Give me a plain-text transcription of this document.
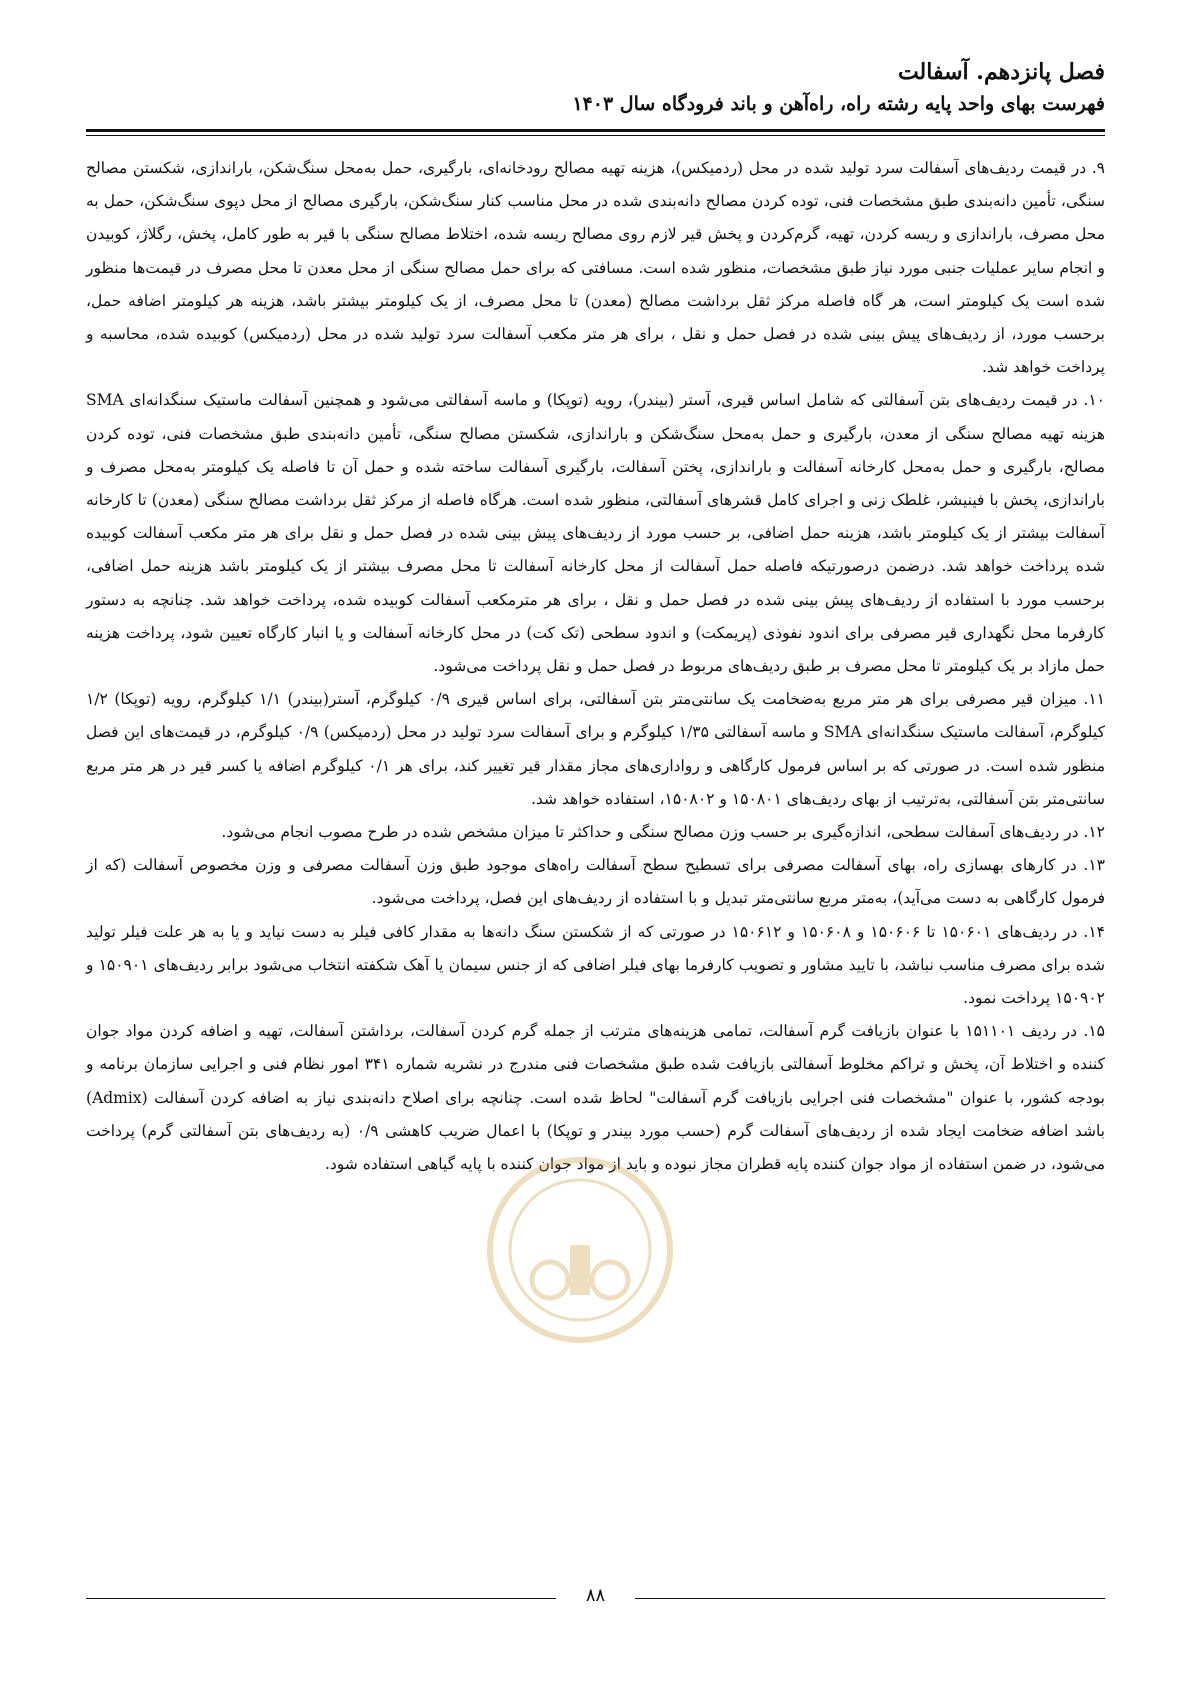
فصل پانزدهم. آسفالت
فهرست بهای واحد پایه رشته راه، راه‌آهن و باند فرودگاه سال ۱۴۰۳

۹. در قیمت ردیف‌های آسفالت سرد تولید شده در محل (ردمیکس)، هزینه تهیه مصالح رودخانه‌ای، بارگیری، حمل به‌محل سنگ‌شکن، باراندازی، شکستن مصالح سنگی، تأمین دانه‌بندی طبق مشخصات فنی، توده کردن مصالح دانه‌بندی شده در محل مناسب کنار سنگ‌شکن، بارگیری مصالح از محل دپوی سنگ‌شکن، حمل به محل مصرف، باراندازی و ریسه کردن، تهیه، گرم‌کردن و پخش قیر لازم روی مصالح ریسه شده، اختلاط مصالح سنگی با قیر به طور کامل، پخش، رگلاژ، کوبیدن و انجام سایر عملیات جنبی مورد نیاز طبق مشخصات، منظور شده است. مسافتی که برای حمل مصالح سنگی از محل معدن تا محل مصرف در قیمت‌ها منظور شده است یک کیلومتر است، هر گاه فاصله مرکز ثقل برداشت مصالح (معدن) تا محل مصرف، از یک کیلومتر بیشتر باشد، هزینه هر کیلومتر اضافه حمل، برحسب مورد، از ردیف‌های پیش بینی شده در فصل حمل و نقل ، برای هر متر مکعب آسفالت سرد تولید شده در محل (ردمیکس) کوبیده شده، محاسبه و پرداخت خواهد شد.

۱۰. در قیمت ردیف‌های بتن آسفالتی که شامل اساس قیری، آستر (بیندر)، رویه (توپکا) و ماسه آسفالتی می‌شود و همچنین آسفالت ماستیک سنگدانه‌ای SMA هزینه تهیه مصالح سنگی از معدن، بارگیری و حمل به‌محل سنگ‌شکن و باراندازی، شکستن مصالح سنگی، تأمین دانه‌بندی طبق مشخصات فنی، توده کردن مصالح، بارگیری و حمل به‌محل کارخانه آسفالت و باراندازی، پختن آسفالت، بارگیری آسفالت ساخته شده و حمل آن تا فاصله یک کیلومتر به‌محل مصرف و باراندازی، پخش با فینیشر، غلطک زنی و اجرای کامل قشرهای آسفالتی، منظور شده است. هرگاه فاصله از مرکز ثقل برداشت مصالح سنگی (معدن) تا کارخانه آسفالت بیشتر از یک کیلومتر باشد، هزینه حمل اضافی، بر حسب مورد از ردیف‌های پیش بینی شده در فصل حمل و نقل برای هر متر مکعب آسفالت کوبیده شده پرداخت خواهد شد. درضمن درصورتیکه فاصله حمل آسفالت از محل کارخانه آسفالت تا محل مصرف بیشتر از یک کیلومتر باشد هزینه حمل اضافی، برحسب مورد با استفاده از ردیف‌های پیش بینی شده در فصل حمل و نقل ، برای هر مترمکعب آسفالت کوبیده شده، پرداخت خواهد شد. چنانچه به دستور کارفرما محل نگهداری قیر مصرفی برای اندود نفوذی (پریمکت) و اندود سطحی (تک کت) در محل کارخانه آسفالت و یا انبار کارگاه تعیین شود، پرداخت هزینه حمل مازاد بر یک کیلومتر تا محل مصرف بر طبق ردیف‌های مربوط در فصل حمل و نقل پرداخت می‌شود.

۱۱. میزان قیر مصرفی برای هر متر مربع به‌ضخامت یک سانتی‌متر بتن آسفالتی، برای اساس قیری ۰/۹ کیلوگرم، آستر(بیندر) ۱/۱ کیلوگرم، رویه (توپکا) ۱/۲ کیلوگرم، آسفالت ماستیک سنگدانه‌ای SMA و ماسه آسفالتی ۱/۳۵ کیلوگرم و برای آسفالت سرد تولید در محل (ردمیکس) ۰/۹ کیلوگرم، در قیمت‌های این فصل منظور شده است. در صورتی که بر اساس فرمول کارگاهی و رواداری‌های مجاز مقدار قیر تغییر کند، برای هر ۰/۱ کیلوگرم اضافه یا کسر قیر در هر متر مربع سانتی‌متر بتن آسفالتی، به‌ترتیب از بهای ردیف‌های ۱۵۰۸۰۱ و ۱۵۰۸۰۲، استفاده خواهد شد.

۱۲. در ردیف‌های آسفالت سطحی، اندازه‌گیری بر حسب وزن مصالح سنگی و حداکثر تا میزان مشخص شده در طرح مصوب انجام می‌شود.

۱۳. در کارهای بهسازی راه، بهای آسفالت مصرفی برای تسطیح سطح آسفالت راه‌های موجود طبق وزن آسفالت مصرفی و وزن مخصوص آسفالت (که از فرمول کارگاهی به دست می‌آید)، به‌متر مربع سانتی‌متر تبدیل و با استفاده از ردیف‌های این فصل، پرداخت می‌شود.

۱۴. در ردیف‌های ۱۵۰۶۰۱ تا ۱۵۰۶۰۶ و ۱۵۰۶۰۸ و ۱۵۰۶۱۲ در صورتی که از شکستن سنگ دانه‌ها به مقدار کافی فیلر به دست نیاید و یا به هر علت فیلر تولید شده برای مصرف مناسب نباشد، با تایید مشاور و تصویب کارفرما بهای فیلر اضافی که از جنس سیمان یا آهک شکفته انتخاب می‌شود برابر ردیف‌های ۱۵۰۹۰۱ و ۱۵۰۹۰۲ پرداخت نمود.

۱۵. در ردیف ۱۵۱۱۰۱ با عنوان بازیافت گرم آسفالت، تمامی هزینه‌های مترتب از جمله گرم کردن آسفالت، برداشتن آسفالت، تهیه و اضافه کردن مواد جوان کننده و اختلاط آن، پخش و تراکم مخلوط آسفالتی بازیافت شده طبق مشخصات فنی مندرج در نشریه شماره ۳۴۱ امور نظام فنی و اجرایی سازمان برنامه و بودجه کشور، با عنوان "مشخصات فنی اجرایی بازیافت گرم آسفالت" لحاظ شده است. چنانچه برای اصلاح دانه‌بندی نیاز به اضافه کردن آسفالت (Admix) باشد اضافه ضخامت ایجاد شده از ردیف‌های آسفالت گرم (حسب مورد بیندر و توپکا) با اعمال ضریب کاهشی ۰/۹ (به ردیف‌های بتن آسفالتی گرم) پرداخت می‌شود، در ضمن استفاده از مواد جوان کننده پایه قطران مجاز نبوده و باید از مواد جوان کننده با پایه گیاهی استفاده شود.

۸۸
